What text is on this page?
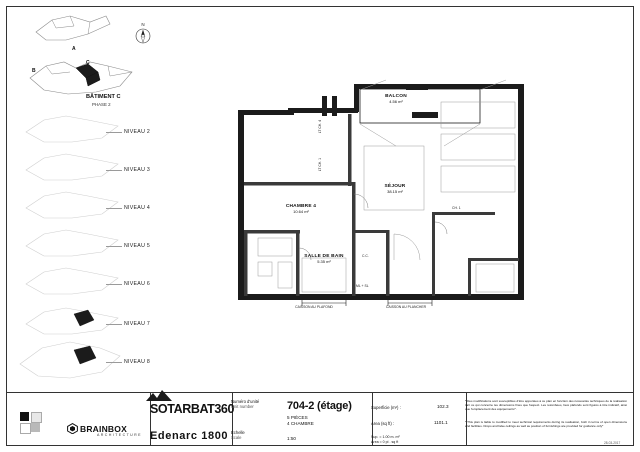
N
A
B
C
BÂTIMENT C
PHASE 2
NIVEAU 2
NIVEAU 3
NIVEAU 4
NIVEAU 5
NIVEAU 6
NIVEAU 7
NIVEAU 8
CHAMBRE 4
10.64 m²
BALCON
4.56 m²
SÉJOUR
38.15 m²
SALLE DE BAIN
5.35 m²
C.C.
ML + SL
CAISSON AU PLAFOND	CAISSON AU PLANCHER
CH. 1
LT CH. 4
LT CH. 1
SOTARBAT360
Edenarc 1800
BRAINBOX
ARCHITECTURE
Numéro d'unité
Unit number
Échelle
Scale
704-2 (étage)
5 PIÈCES
4 CHAMBRE
1:50
Superficie (m²) :	102.3
Area (sq ft) :	1101.1
Sup. = 1.00 m. m²
Area = 0 pi . sq ft
* Des modifications sont susceptibles d'être apportées à ce plan en fonction des nécessités techniques de la réalisation tant ce qui concerne les dimensions fines que l'aspect. Les retombées, faux plafonds sont figurés à titre indicatif, ainsi que l'emplacement des équipements*.
* This plan is liable to modified to meet technical requirements during its realisation, both in terms of open dimensions and facilities. Drops and false ceilings as well as position of furnishings are provided for guidance only*
28-03-2017
